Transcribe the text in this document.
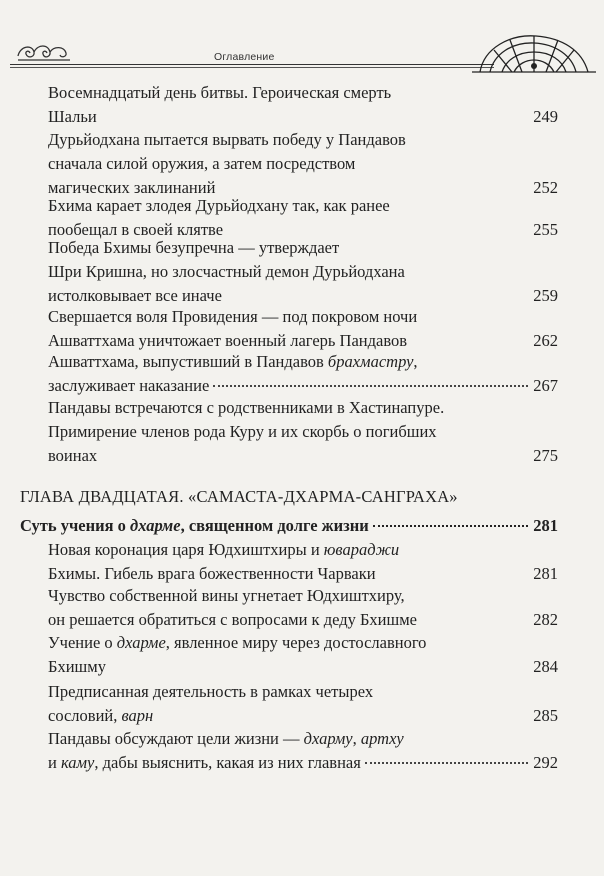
Оглавление
Восемнадцатый день битвы. Героическая смерть
Шальи	249
Дурьйодхана пытается вырвать победу у Пандавов
сначала силой оружия, а затем посредством
магических заклинаний	252
Бхима карает злодея Дурьйодхану так, как ранее
пообещал в своей клятве	255
Победа Бхимы безупречна — утверждает
Шри Кришна, но злосчастный демон Дурьйодхана
истолковывает все иначе	259
Свершается воля Провидения — под покровом ночи
Ашваттхама уничтожает военный лагерь Пандавов	262
Ашваттхама, выпустивший в Пандавов брахмастру,
заслуживает наказание	267
Пандавы встречаются с родственниками в Хастинапуре.
Примирение членов рода Куру и их скорбь о погибших
воинах	275
ГЛАВА ДВАДЦАТАЯ. «САМАСТА-ДХАРМА-САНГРАХА»
Суть учения о дхарме, священном долге жизни	281
Новая коронация царя Юдхиштхиры и ювараджи
Бхимы. Гибель врага божественности Чарваки	281
Чувство собственной вины угнетает Юдхиштхиру,
он решается обратиться с вопросами к деду Бхишме	282
Учение о дхарме, явленное миру через достославного
Бхишму	284
Предписанная деятельность в рамках четырех
сословий, варн	285
Пандавы обсуждают цели жизни — дхарму, артху
и каму, дабы выяснить, какая из них главная	292
